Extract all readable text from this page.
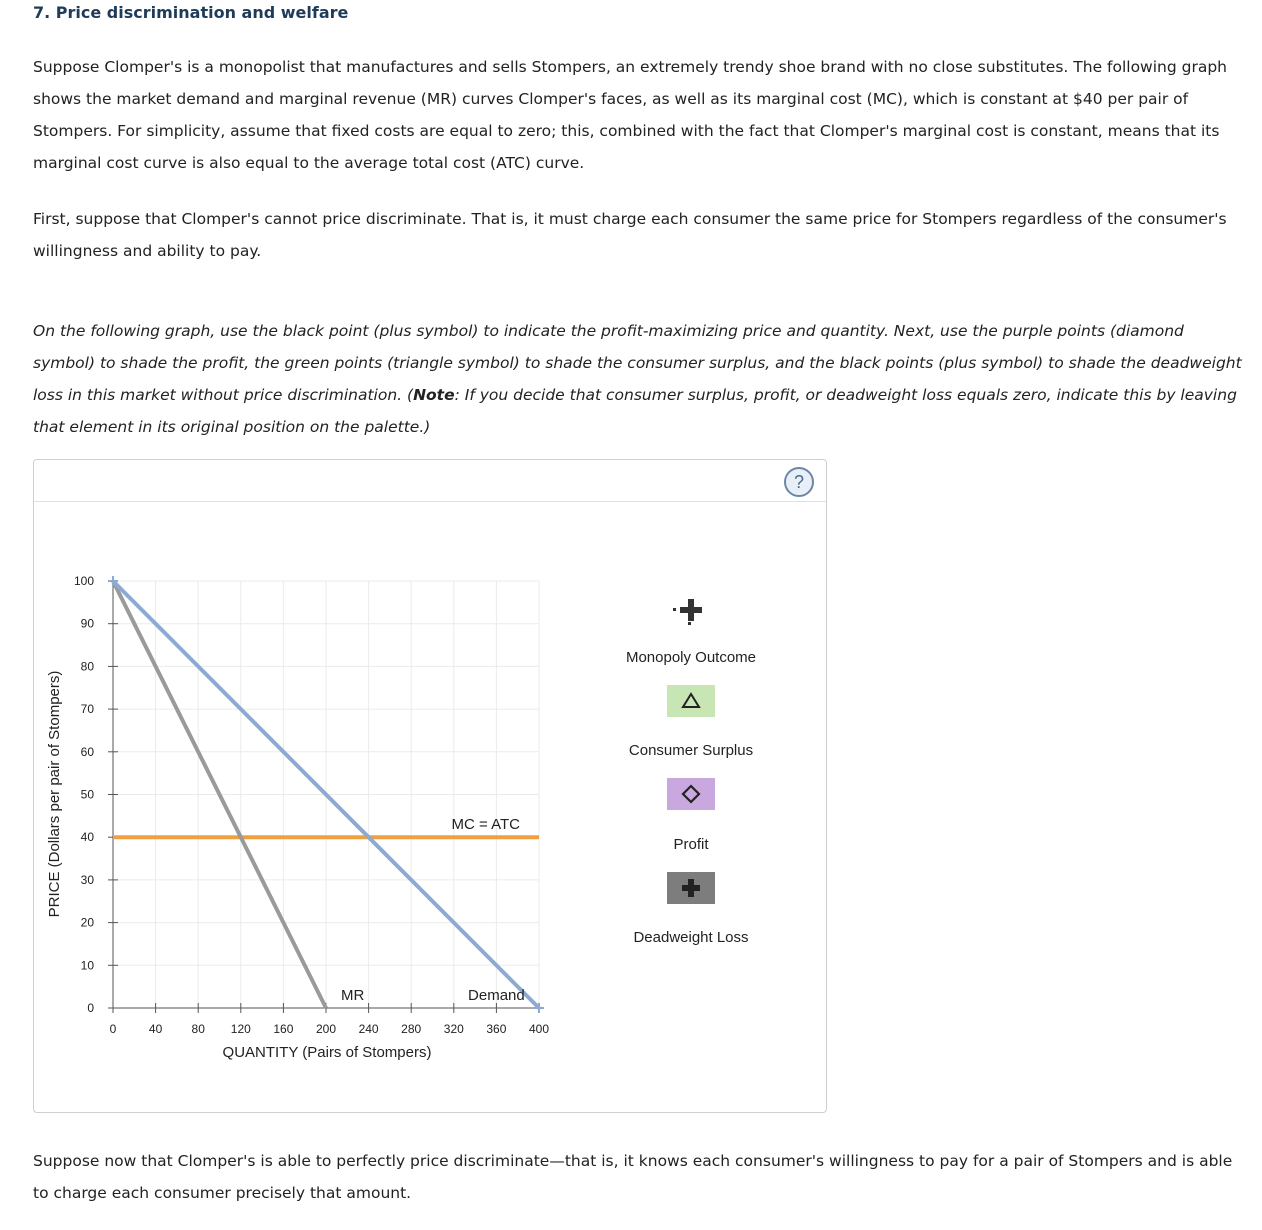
7. Price discrimination and welfare

Suppose Clomper's is a monopolist that manufactures and sells Stompers, an extremely trendy shoe brand with no close substitutes. The following graph shows the market demand and marginal revenue (MR) curves Clomper's faces, as well as its marginal cost (MC), which is constant at $40 per pair of Stompers. For simplicity, assume that fixed costs are equal to zero; this, combined with the fact that Clomper's marginal cost is constant, means that its marginal cost curve is also equal to the average total cost (ATC) curve.

First, suppose that Clomper's cannot price discriminate. That is, it must charge each consumer the same price for Stompers regardless of the consumer's willingness and ability to pay.

On the following graph, use the black point (plus symbol) to indicate the profit-maximizing price and quantity. Next, use the purple points (diamond symbol) to shade the profit, the green points (triangle symbol) to shade the consumer surplus, and the black points (plus symbol) to shade the deadweight loss in this market without price discrimination. (Note: If you decide that consumer surplus, profit, or deadweight loss equals zero, indicate this by leaving that element in its original position on the palette.)

?
0	40 80 120 160 200 240 280 320 360 400
0
10
20
30
40
50
60
70
80
90
100
MC = ATC
MR	Demand
QUANTITY (Pairs of Stompers)
PRICE (Dollars per pair of Stompers)
Monopoly Outcome
Consumer Surplus
Profit
Deadweight Loss

Suppose now that Clomper's is able to perfectly price discriminate—that is, it knows each consumer's willingness to pay for a pair of Stompers and is able to charge each consumer precisely that amount.
